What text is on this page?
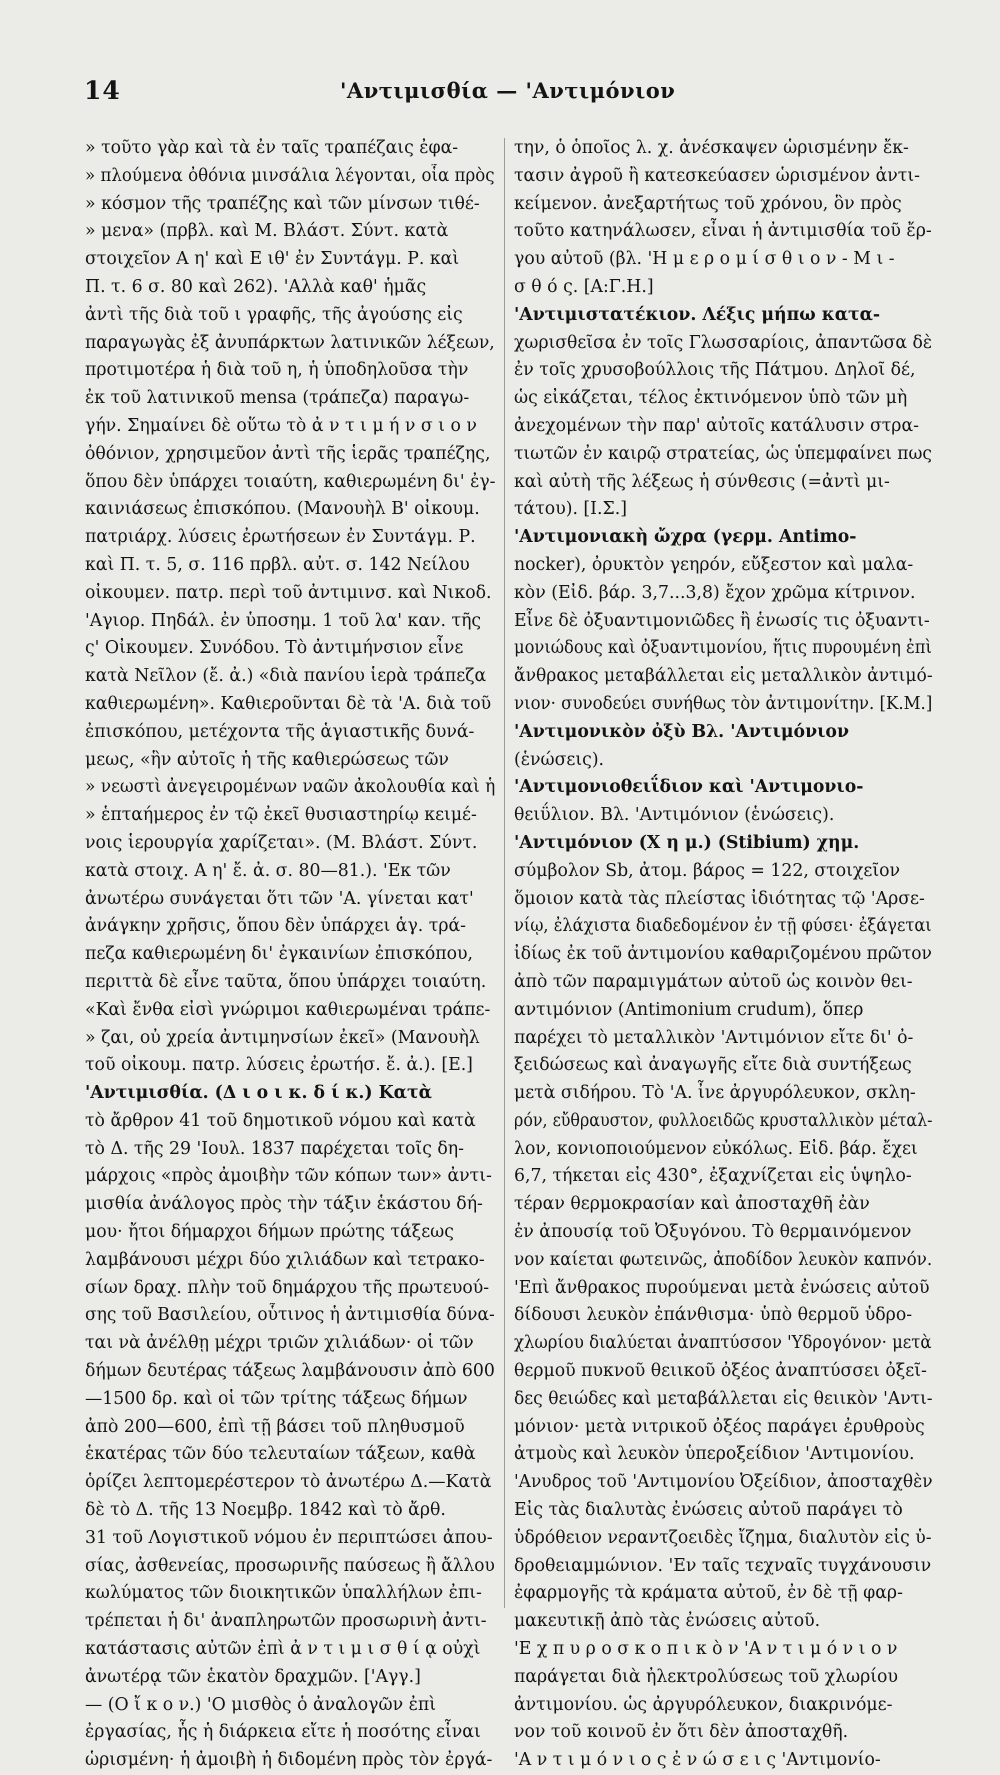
14	'Αντιμισθία — 'Αντιμόνιον
» τοῦτο γὰρ καὶ τὰ ἐν ταῖς τραπέζαις ἐφα-
» πλούμενα ὀθόνια μινσάλια λέγονται, οἷα πρὸς
» κόσμον τῆς τραπέζης καὶ τῶν μίνσων τιθέ-
» μενα» (πρβλ. καὶ Μ. Βλάστ. Σύντ. κατὰ
στοιχεῖον Α η' καὶ Ε ιθ' ἐν Συντάγμ. Ρ. καὶ
Π. τ. 6 σ. 80 καὶ 262). 'Αλλὰ καθ' ἡμᾶς
ἀντὶ τῆς διὰ τοῦ ι γραφῆς, τῆς ἀγούσης εἰς
παραγωγὰς ἐξ ἀνυπάρκτων λατινικῶν λέξεων,
προτιμοτέρα ἡ διὰ τοῦ η, ἡ ὑποδηλοῦσα τὴν
ἐκ τοῦ λατινικοῦ mensa (τράπεζα) παραγω-
γήν. Σημαίνει δὲ οὕτω τὸ ἀ ν τ ι μ ή ν σ ι ο ν
ὀθόνιον, χρησιμεῦον ἀντὶ τῆς ἱερᾶς τραπέζης,
ὅπου δὲν ὑπάρχει τοιαύτη, καθιερωμένη δι' ἐγ-
καινιάσεως ἐπισκόπου. (Μανουὴλ Β' οἰκουμ.
πατριάρχ. λύσεις ἐρωτήσεων ἐν Συντάγμ. Ρ.
καὶ Π. τ. 5, σ. 116 πρβλ. αὐτ. σ. 142 Νείλου
οἰκουμεν. πατρ. περὶ τοῦ ἀντιμινσ. καὶ Νικοδ.
'Αγιορ. Πηδάλ. ἐν ὑποσημ. 1 τοῦ λα' καν. τῆς
ς' Οἰκουμεν. Συνόδου. Τὸ ἀντιμήνσιον εἶνε
κατὰ Νεῖλον (ἔ. ἀ.) «διὰ πανίου ἱερὰ τράπεζα
καθιερωμένη». Καθιεροῦνται δὲ τὰ 'Α. διὰ τοῦ
ἐπισκόπου, μετέχοντα τῆς ἁγιαστικῆς δυνά-
μεως, «ἣν αὐτοῖς ἡ τῆς καθιερώσεως τῶν
» νεωστὶ ἀνεγειρομένων ναῶν ἀκολουθία καὶ ἡ
» ἑπταήμερος ἐν τῷ ἐκεῖ θυσιαστηρίῳ κειμέ-
νοις ἱερουργία χαρίζεται». (Μ. Βλάστ. Σύντ.
κατὰ στοιχ. Α η' ἔ. ἀ. σ. 80—81.). 'Εκ τῶν
ἀνωτέρω συνάγεται ὅτι τῶν 'Α. γίνεται κατ'
ἀνάγκην χρῆσις, ὅπου δὲν ὑπάρχει ἁγ. τρά-
πεζα καθιερωμένη δι' ἐγκαινίων ἐπισκόπου,
περιττὰ δὲ εἶνε ταῦτα, ὅπου ὑπάρχει τοιαύτη.
«Καὶ ἔνθα εἰσὶ γνώριμοι καθιερωμέναι τράπε-
» ζαι, οὐ χρεία ἀντιμηνσίων ἐκεῖ» (Μανουὴλ
τοῦ οἰκουμ. πατρ. λύσεις ἐρωτήσ. ἔ. ἀ.). [Ε.]
'Αντιμισθία. (Δ ι ο ι κ. δ ί κ.) Κατὰ
τὸ ἄρθρον 41 τοῦ δημοτικοῦ νόμου καὶ κατὰ
τὸ Δ. τῆς 29 'Ιουλ. 1837 παρέχεται τοῖς δη-
μάρχοις «πρὸς ἀμοιβὴν τῶν κόπων των» ἀντι-
μισθία ἀνάλογος πρὸς τὴν τάξιν ἑκάστου δή-
μου· ἤτοι δήμαρχοι δήμων πρώτης τάξεως
λαμβάνουσι μέχρι δύο χιλιάδων καὶ τετρακο-
σίων δραχ. πλὴν τοῦ δημάρχου τῆς πρωτευού-
σης τοῦ Βασιλείου, οὗτινος ἡ ἀντιμισθία δύνα-
ται νὰ ἀνέλθῃ μέχρι τριῶν χιλιάδων· οἱ τῶν
δήμων δευτέρας τάξεως λαμβάνουσιν ἀπὸ 600
—1500 δρ. καὶ οἱ τῶν τρίτης τάξεως δήμων
ἀπὸ 200—600, ἐπὶ τῇ βάσει τοῦ πληθυσμοῦ
ἑκατέρας τῶν δύο τελευταίων τάξεων, καθὰ
ὁρίζει λεπτομερέστερον τὸ ἀνωτέρω Δ.—Κατὰ
δὲ τὸ Δ. τῆς 13 Νοεμβρ. 1842 καὶ τὸ ἄρθ.
31 τοῦ Λογιστικοῦ νόμου ἐν περιπτώσει ἀπου-
σίας, ἀσθενείας, προσωρινῆς παύσεως ἢ ἄλλου
κωλύματος τῶν διοικητικῶν ὑπαλλήλων ἐπι-
τρέπεται ἡ δι' ἀναπληρωτῶν προσωρινὴ ἀντι-
κατάστασις αὐτῶν ἐπὶ ἀ ν τ ι μ ι σ θ ί ᾳ οὐχὶ
ἀνωτέρᾳ τῶν ἑκατὸν δραχμῶν. ['Αγγ.]
— (Ο ἴ κ ο ν.) 'Ο μισθὸς ὁ ἀναλογῶν ἐπὶ
ἐργασίας, ἧς ἡ διάρκεια εἴτε ἡ ποσότης εἶναι
ὡρισμένη· ἡ ἀμοιβὴ ἡ διδομένη πρὸς τὸν ἐργά-
την, ὁ ὁποῖος λ. χ. ἀνέσκαψεν ὡρισμένην ἔκ-
τασιν ἀγροῦ ἢ κατεσκεύασεν ὡρισμένον ἀντι-
κείμενον. ἀνεξαρτήτως τοῦ χρόνου, ὃν πρὸς
τοῦτο κατηνάλωσεν, εἶναι ἡ ἀντιμισθία τοῦ ἔρ-
γου αὐτοῦ (βλ. 'Η μ ε ρ ο μ ί σ θ ι ο ν - Μ ι -
σ θ ό ς. [Α:Γ.Η.]
'Αντιμιστατέκιον. Λέξις μήπω κατα-
χωρισθεῖσα ἐν τοῖς Γλωσσαρίοις, ἀπαντῶσα δὲ
ἐν τοῖς χρυσοβούλλοις τῆς Πάτμου. Δηλοῖ δέ,
ὡς εἰκάζεται, τέλος ἐκτινόμενον ὑπὸ τῶν μὴ
ἀνεχομένων τὴν παρ' αὐτοῖς κατάλυσιν στρα-
τιωτῶν ἐν καιρῷ στρατείας, ὡς ὑπεμφαίνει πως
καὶ αὐτὴ τῆς λέξεως ἡ σύνθεσις (=ἀντὶ μι-
τάτου). [Ι.Σ.]
'Αντιμονιακὴ ὤχρα (γερμ. Antimo-
nocker), ὀρυκτὸν γεηρόν, εὔξεστον καὶ μαλα-
κὸν (Εἰδ. βάρ. 3,7...3,8) ἔχον χρῶμα κίτρινον.
Εἶνε δὲ ὀξυαντιμονιῶδες ἢ ἑνωσίς τις ὀξυαντι-
μονιώδους καὶ ὀξυαντιμονίου, ἥτις πυρουμένη ἐπὶ
ἄνθρακος μεταβάλλεται εἰς μεταλλικὸν ἀντιμό-
νιον· συνοδεύει συνήθως τὸν ἀντιμονίτην. [Κ.Μ.]
'Αντιμονικὸν ὀξὺ Βλ. 'Αντιμόνιον
(ἑνώσεις).
'Αντιμονιοθειΐδιον καὶ 'Αντιμονιο-
θειΰλιον. Βλ. 'Αντιμόνιον (ἑνώσεις).
'Αντιμόνιον (Χ η μ.) (Stibium) χημ.
σύμβολον Sb, ἀτομ. βάρος = 122, στοιχεῖον
ὅμοιον κατὰ τὰς πλείστας ἰδιότητας τῷ 'Αρσε-
νίῳ, ἐλάχιστα διαδεδομένον ἐν τῇ φύσει· ἐξάγεται
ἰδίως ἐκ τοῦ ἀντιμονίου καθαριζομένου πρῶτον
ἀπὸ τῶν παραμιγμάτων αὐτοῦ ὡς κοινὸν θει-
αντιμόνιον (Antimonium crudum), ὅπερ
παρέχει τὸ μεταλλικὸν 'Αντιμόνιον εἴτε δι' ὀ-
ξειδώσεως καὶ ἀναγωγῆς εἴτε διὰ συντήξεως
μετὰ σιδήρου. Τὸ 'Α. ἶνε ἀργυρόλευκον, σκλη-
ρόν, εὔθραυστον, φυλλοειδῶς κρυσταλλικὸν μέταλ-
λον, κονιοποιούμενον εὐκόλως. Εἰδ. βάρ. ἔχει
6,7, τήκεται εἰς 430°, ἐξαχνίζεται εἰς ὑψηλο-
τέραν θερμοκρασίαν καὶ ἀποσταχθῆ ἐὰν
ἐν ἀπουσίᾳ τοῦ Ὀξυγόνου. Τὸ θερμαινόμενον
νον καίεται φωτεινῶς, ἀποδίδον λευκὸν καπνόν.
'Επὶ ἄνθρακος πυρούμεναι μετὰ ἐνώσεις αὐτοῦ
δίδουσι λευκὸν ἐπάνθισμα· ὑπὸ θερμοῦ ὑδρο-
χλωρίου διαλύεται ἀναπτύσσον 'Υδρογόνον· μετὰ
θερμοῦ πυκνοῦ θειικοῦ ὀξέος ἀναπτύσσει ὀξεῖ-
δες θειώδες καὶ μεταβάλλεται εἰς θειικὸν 'Αντι-
μόνιον· μετὰ νιτρικοῦ ὀξέος παράγει ἐρυθροὺς
ἀτμοὺς καὶ λευκὸν ὑπεροξείδιον 'Αντιμονίου.
'Ανυδρος τοῦ 'Αντιμονίου Ὀξείδιον, ἀποσταχθὲν
Εἰς τὰς διαλυτὰς ἐνώσεις αὐτοῦ παράγει τὸ
ὑδρόθειον νεραντζοειδὲς ἴζημα, διαλυτὸν εἰς ὑ-
δροθειαμμώνιον. 'Εν ταῖς τεχναῖς τυγχάνουσιν
ἐφαρμογῆς τὰ κράματα αὐτοῦ, ἐν δὲ τῇ φαρ-
μακευτικῇ ἀπὸ τὰς ἐνώσεις αὐτοῦ.
'Ε χ π υ ρ ο σ κ ο π ι κ ὸ ν 'Α ν τ ι μ ό ν ι ο ν
παράγεται διὰ ἠλεκτρολύσεως τοῦ χλωρίου
ἀντιμονίου. ὡς ἀργυρόλευκον, διακρινόμε-
νον τοῦ κοινοῦ ἐν ὅτι δὲν ἀποσταχθῆ.
'Α ν τ ι μ ό ν ι ο ς ἐ ν ώ σ ε ι ς 'Αντιμονίο-
